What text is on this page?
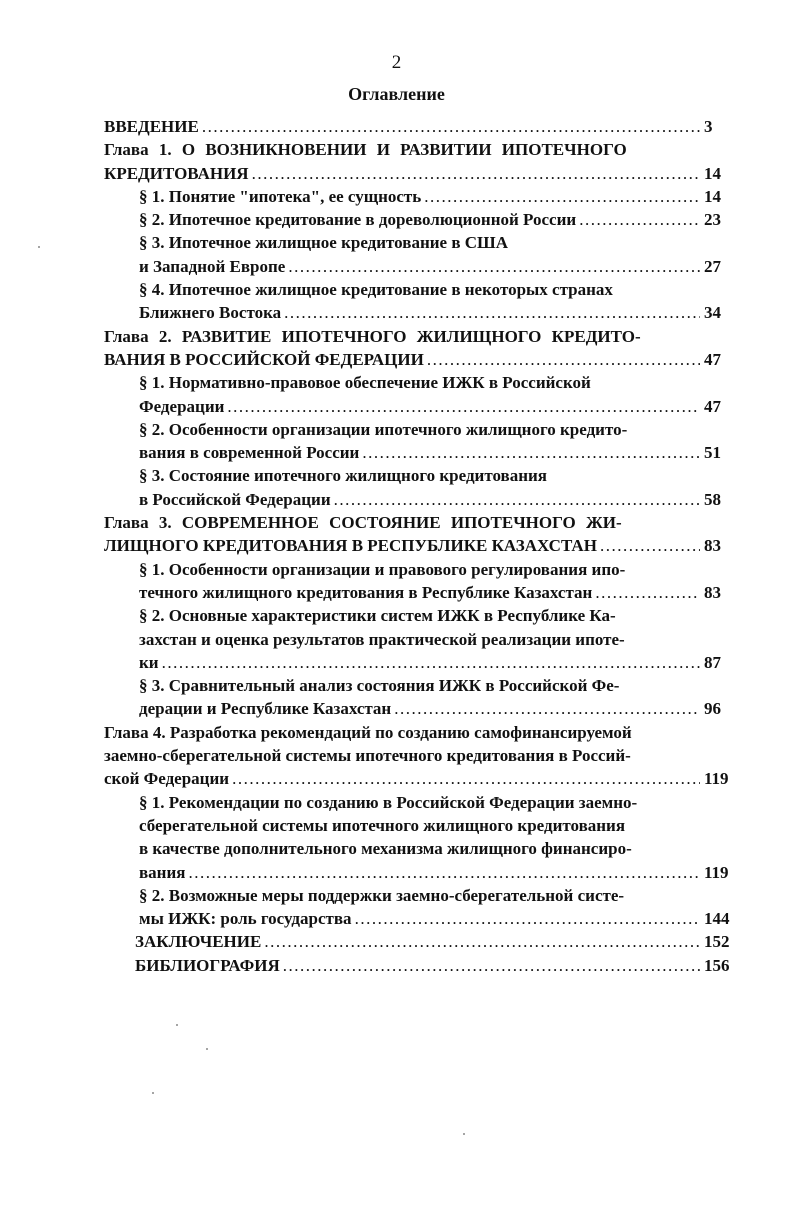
2
Оглавление
ВВЕДЕНИЕ .....	3
Глава 1. О ВОЗНИКНОВЕНИИ И РАЗВИТИИ ИПОТЕЧНОГО
КРЕДИТОВАНИЯ .....	14
§ 1. Понятие "ипотека", ее сущность .....	14
§ 2. Ипотечное кредитование в дореволюционной России .....	23
§ 3. Ипотечное жилищное кредитование в США
и Западной Европе .....	27
§ 4. Ипотечное жилищное кредитование в некоторых странах
Ближнего Востока .....	34
Глава 2. РАЗВИТИЕ ИПОТЕЧНОГО ЖИЛИЩНОГО КРЕДИТО-
ВАНИЯ В РОССИЙСКОЙ ФЕДЕРАЦИИ .....	47
§ 1. Нормативно-правовое обеспечение ИЖК в Российской
Федерации .....	47
§ 2. Особенности организации ипотечного жилищного кредито-
вания в современной России .....	51
§ 3. Состояние ипотечного жилищного кредитования
в Российской Федерации .....	58
Глава 3. СОВРЕМЕННОЕ СОСТОЯНИЕ ИПОТЕЧНОГО ЖИ-
ЛИЩНОГО КРЕДИТОВАНИЯ В РЕСПУБЛИКЕ КАЗАХСТАН .....	83
§ 1. Особенности организации и правового регулирования ипо-
течного жилищного кредитования в Республике Казахстан .....	83
§ 2. Основные характеристики систем ИЖК в Республике Ка-
захстан и оценка результатов практической реализации ипоте-
ки .....	87
§ 3. Сравнительный анализ состояния ИЖК в Российской Фе-
дерации и Республике Казахстан .....	96
Глава 4. Разработка рекомендаций по созданию самофинансируемой
заемно-сберегательной системы ипотечного кредитования в Россий-
ской Федерации .....	119
§ 1. Рекомендации по созданию в Российской Федерации заемно-
сберегательной системы ипотечного жилищного кредитования
в качестве дополнительного механизма жилищного финансиро-
вания .....	119
§ 2. Возможные меры поддержки заемно-сберегательной систе-
мы ИЖК: роль государства .....	144
ЗАКЛЮЧЕНИЕ .....	152
БИБЛИОГРАФИЯ .....	156
